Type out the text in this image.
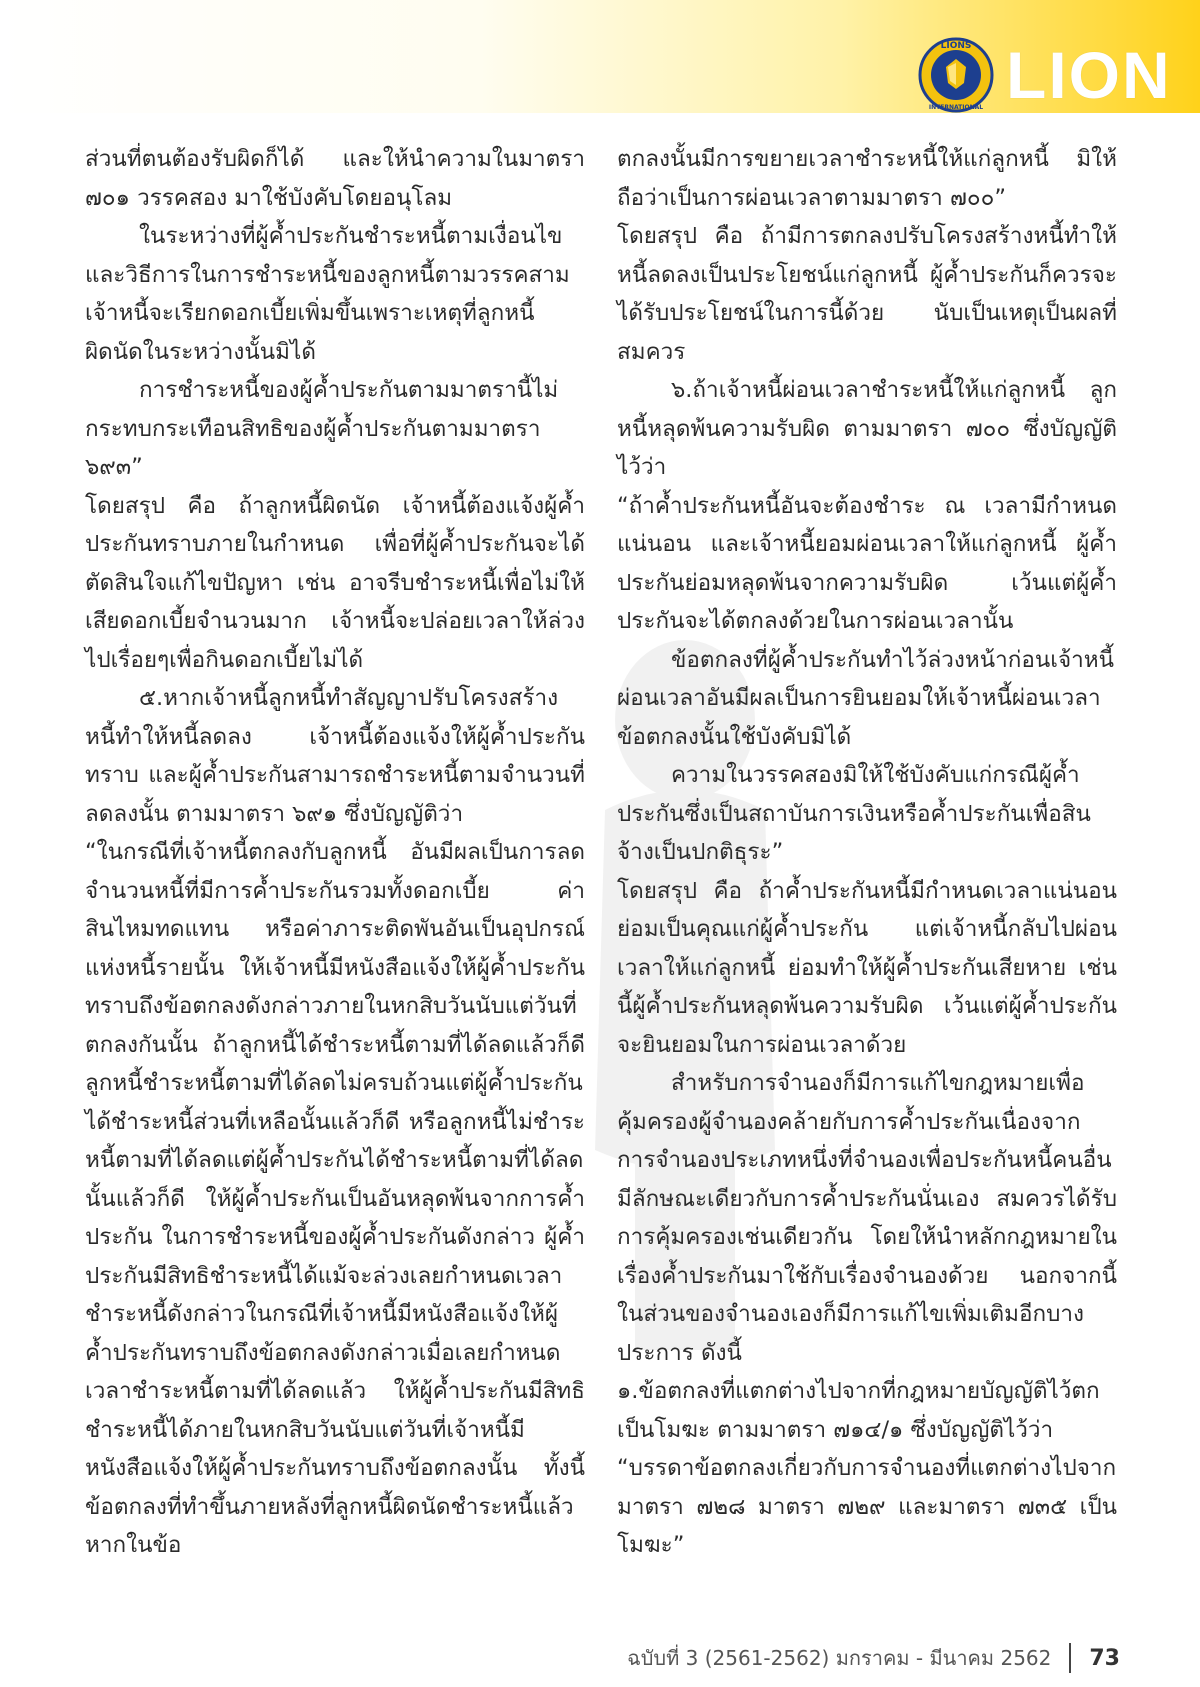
LIONS
INTERNATIONAL LION

ส่วนที่ตนต้องรับผิดก็ได้ และให้นำความในมาตรา ๗๐๑ วรรคสอง มาใช้บังคับโดยอนุโลม

ในระหว่างที่ผู้ค้ำประกันชำระหนี้ตามเงื่อนไขและวิธีการในการชำระหนี้ของลูกหนี้ตามวรรคสาม เจ้าหนี้จะเรียกดอกเบี้ยเพิ่มขึ้นเพราะเหตุที่ลูกหนี้ผิดนัดในระหว่างนั้นมิได้

การชำระหนี้ของผู้ค้ำประกันตามมาตรานี้ไม่กระทบกระเทือนสิทธิของผู้ค้ำประกันตามมาตรา ๖๙๓”

โดยสรุป คือ ถ้าลูกหนี้ผิดนัด เจ้าหนี้ต้องแจ้งผู้ค้ำประกันทราบภายในกำหนด เพื่อที่ผู้ค้ำประกันจะได้ตัดสินใจแก้ไขปัญหา เช่น อาจรีบชำระหนี้เพื่อไม่ให้เสียดอกเบี้ยจำนวนมาก เจ้าหนี้จะปล่อยเวลาให้ล่วงไปเรื่อยๆเพื่อกินดอกเบี้ยไม่ได้

๕.หากเจ้าหนี้ลูกหนี้ทำสัญญาปรับโครงสร้างหนี้ทำให้หนี้ลดลง เจ้าหนี้ต้องแจ้งให้ผู้ค้ำประกันทราบ และผู้ค้ำประกันสามารถชำระหนี้ตามจำนวนที่ลดลงนั้น ตามมาตรา ๖๙๑ ซึ่งบัญญัติว่า

“ในกรณีที่เจ้าหนี้ตกลงกับลูกหนี้ อันมีผลเป็นการลดจำนวนหนี้ที่มีการค้ำประกันรวมทั้งดอกเบี้ย ค่าสินไหมทดแทน หรือค่าภาระติดพันอันเป็นอุปกรณ์แห่งหนี้รายนั้น ให้เจ้าหนี้มีหนังสือแจ้งให้ผู้ค้ำประกันทราบถึงข้อตกลงดังกล่าวภายในหกสิบวันนับแต่วันที่ตกลงกันนั้น ถ้าลูกหนี้ได้ชำระหนี้ตามที่ได้ลดแล้วก็ดี ลูกหนี้ชำระหนี้ตามที่ได้ลดไม่ครบถ้วนแต่ผู้ค้ำประกันได้ชำระหนี้ส่วนที่เหลือนั้นแล้วก็ดี หรือลูกหนี้ไม่ชำระหนี้ตามที่ได้ลดแต่ผู้ค้ำประกันได้ชำระหนี้ตามที่ได้ลดนั้นแล้วก็ดี ให้ผู้ค้ำประกันเป็นอันหลุดพ้นจากการค้ำประกัน ในการชำระหนี้ของผู้ค้ำประกันดังกล่าว ผู้ค้ำประกันมีสิทธิชำระหนี้ได้แม้จะล่วงเลยกำหนดเวลาชำระหนี้ดังกล่าวในกรณีที่เจ้าหนี้มีหนังสือแจ้งให้ผู้ค้ำประกันทราบถึงข้อตกลงดังกล่าวเมื่อเลยกำหนดเวลาชำระหนี้ตามที่ได้ลดแล้ว ให้ผู้ค้ำประกันมีสิทธิชำระหนี้ได้ภายในหกสิบวันนับแต่วันที่เจ้าหนี้มีหนังสือแจ้งให้ผู้ค้ำประกันทราบถึงข้อตกลงนั้น ทั้งนี้ข้อตกลงที่ทำขึ้นภายหลังที่ลูกหนี้ผิดนัดชำระหนี้แล้ว หากในข้อ

ตกลงนั้นมีการขยายเวลาชำระหนี้ให้แก่ลูกหนี้ มิให้ถือว่าเป็นการผ่อนเวลาตามมาตรา ๗๐๐”

โดยสรุป คือ ถ้ามีการตกลงปรับโครงสร้างหนี้ทำให้หนี้ลดลงเป็นประโยชน์แก่ลูกหนี้ ผู้ค้ำประกันก็ควรจะได้รับประโยชน์ในการนี้ด้วย นับเป็นเหตุเป็นผลที่สมควร

๖.ถ้าเจ้าหนี้ผ่อนเวลาชำระหนี้ให้แก่ลูกหนี้ ลูกหนี้หลุดพ้นความรับผิด ตามมาตรา ๗๐๐ ซึ่งบัญญัติไว้ว่า

“ถ้าค้ำประกันหนี้อันจะต้องชำระ ณ เวลามีกำหนดแน่นอน และเจ้าหนี้ยอมผ่อนเวลาให้แก่ลูกหนี้ ผู้ค้ำประกันย่อมหลุดพ้นจากความรับผิด เว้นแต่ผู้ค้ำประกันจะได้ตกลงด้วยในการผ่อนเวลานั้น

ข้อตกลงที่ผู้ค้ำประกันทำไว้ล่วงหน้าก่อนเจ้าหนี้ผ่อนเวลาอันมีผลเป็นการยินยอมให้เจ้าหนี้ผ่อนเวลา ข้อตกลงนั้นใช้บังคับมิได้

ความในวรรคสองมิให้ใช้บังคับแก่กรณีผู้ค้ำประกันซึ่งเป็นสถาบันการเงินหรือค้ำประกันเพื่อสินจ้างเป็นปกติธุระ”

โดยสรุป คือ ถ้าค้ำประกันหนี้มีกำหนดเวลาแน่นอนย่อมเป็นคุณแก่ผู้ค้ำประกัน แต่เจ้าหนี้กลับไปผ่อนเวลาให้แก่ลูกหนี้ ย่อมทำให้ผู้ค้ำประกันเสียหาย เช่นนี้ผู้ค้ำประกันหลุดพ้นความรับผิด เว้นแต่ผู้ค้ำประกันจะยินยอมในการผ่อนเวลาด้วย

สำหรับการจำนองก็มีการแก้ไขกฎหมายเพื่อคุ้มครองผู้จำนองคล้ายกับการค้ำประกันเนื่องจากการจำนองประเภทหนึ่งที่จำนองเพื่อประกันหนี้คนอื่น มีลักษณะเดียวกับการค้ำประกันนั่นเอง สมควรได้รับการคุ้มครองเช่นเดียวกัน โดยให้นำหลักกฎหมายในเรื่องค้ำประกันมาใช้กับเรื่องจำนองด้วย นอกจากนี้ในส่วนของจำนองเองก็มีการแก้ไขเพิ่มเติมอีกบางประการ ดังนี้

๑.ข้อตกลงที่แตกต่างไปจากที่กฎหมายบัญญัติไว้ตกเป็นโมฆะ ตามมาตรา ๗๑๔/๑ ซึ่งบัญญัติไว้ว่า

“บรรดาข้อตกลงเกี่ยวกับการจำนองที่แตกต่างไปจากมาตรา ๗๒๘ มาตรา ๗๒๙ และมาตรา ๗๓๕ เป็นโมฆะ”

ฉบับที่ 3 (2561-2562) มกราคม - มีนาคม 2562 73
